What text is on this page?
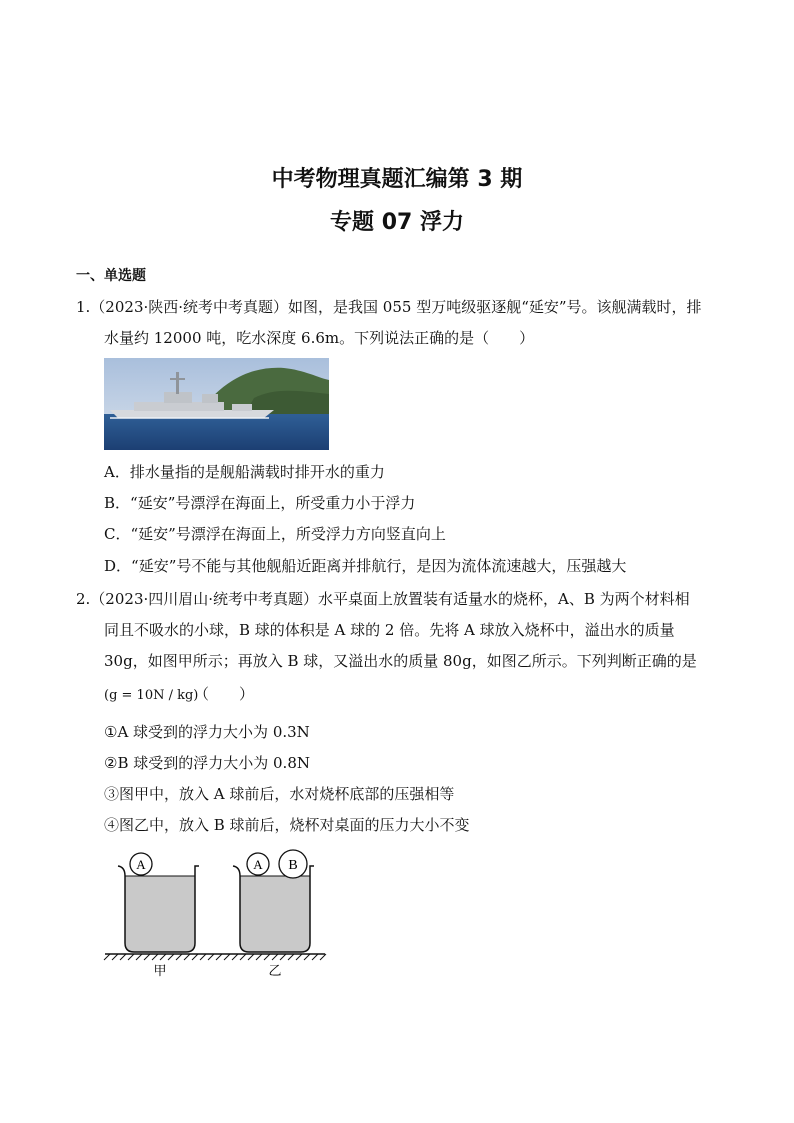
中考物理真题汇编第 3 期
专题 07 浮力
一、单选题
1.（2023·陕西·统考中考真题）如图，是我国 055 型万吨级驱逐舰“延安”号。该舰满载时，排
水量约 12000 吨，吃水深度 6.6m。下列说法正确的是（　　）
A．排水量指的是舰船满载时排开水的重力
B．“延安”号漂浮在海面上，所受重力小于浮力
C．“延安”号漂浮在海面上，所受浮力方向竖直向上
D．“延安”号不能与其他舰船近距离并排航行，是因为流体流速越大，压强越大
2.（2023·四川眉山·统考中考真题）水平桌面上放置装有适量水的烧杯，A、B 为两个材料相
同且不吸水的小球，B 球的体积是 A 球的 2 倍。先将 A 球放入烧杯中，溢出水的质量
30g，如图甲所示；再放入 B 球，又溢出水的质量 80g，如图乙所示。下列判断正确的是
(g = 10N / kg)
（　　）
①A 球受到的浮力大小为 0.3N
②B 球受到的浮力大小为 0.8N
③图甲中，放入 A 球前后，水对烧杯底部的压强相等
④图乙中，放入 B 球前后，烧杯对桌面的压力大小不变
A	A B
甲	乙
